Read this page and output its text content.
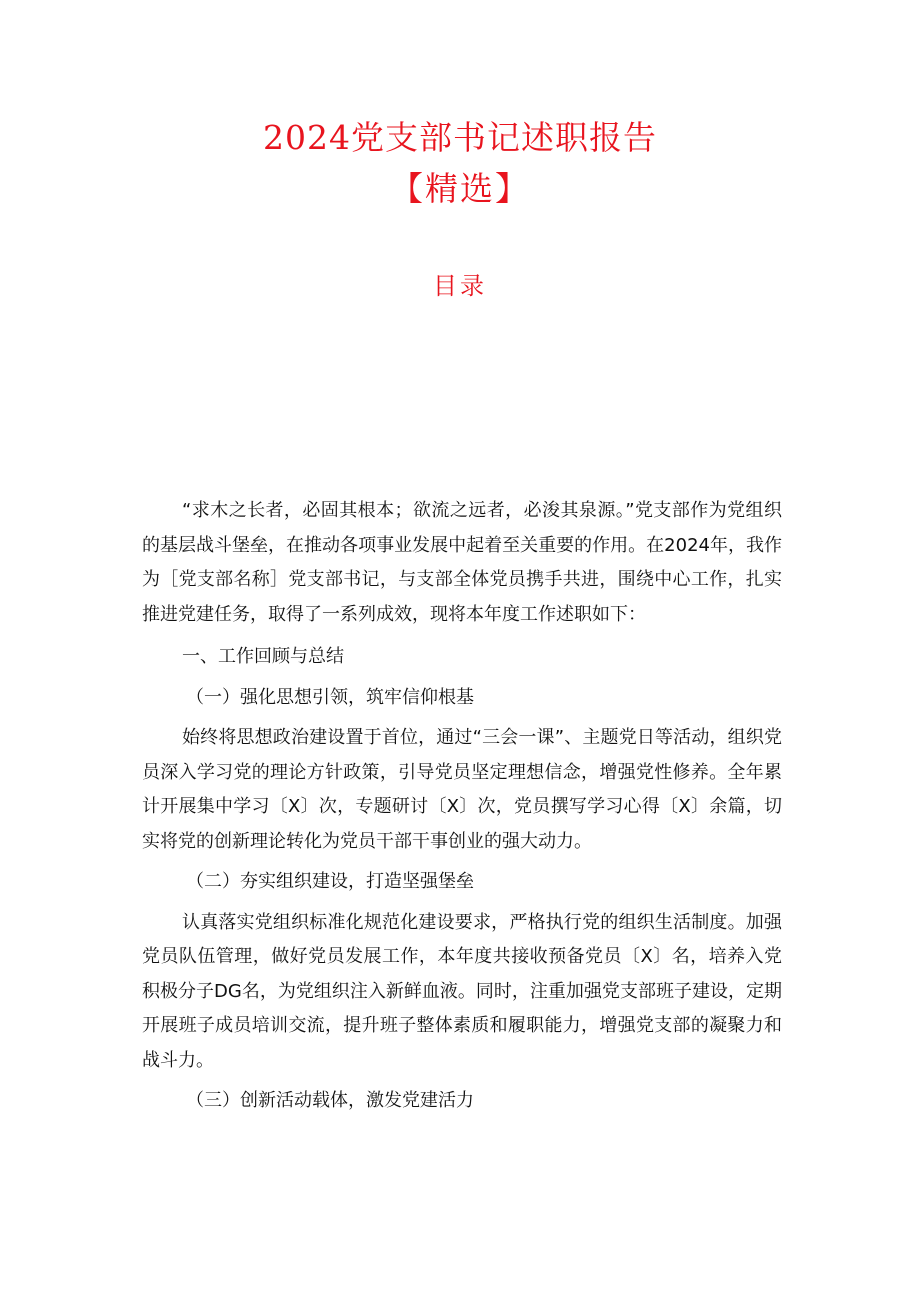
2024党支部书记述职报告
【精选】
目录

“求木之长者，必固其根本；欲流之远者，必浚其泉源。”党支部作为党组织的基层战斗堡垒，在推动各项事业发展中起着至关重要的作用。在2024年，我作为［党支部名称］党支部书记，与支部全体党员携手共进，围绕中心工作，扎实推进党建任务，取得了一系列成效，现将本年度工作述职如下：

一、工作回顾与总结

（一）强化思想引领，筑牢信仰根基

始终将思想政治建设置于首位，通过“三会一课”、主题党日等活动，组织党员深入学习党的理论方针政策，引导党员坚定理想信念，增强党性修养。全年累计开展集中学习〔X〕次，专题研讨〔X〕次，党员撰写学习心得〔X〕余篇，切实将党的创新理论转化为党员干部干事创业的强大动力。

（二）夯实组织建设，打造坚强堡垒

认真落实党组织标准化规范化建设要求，严格执行党的组织生活制度。加强党员队伍管理，做好党员发展工作，本年度共接收预备党员〔X〕名，培养入党积极分子DG名，为党组织注入新鲜血液。同时，注重加强党支部班子建设，定期开展班子成员培训交流，提升班子整体素质和履职能力，增强党支部的凝聚力和战斗力。

（三）创新活动载体，激发党建活力
